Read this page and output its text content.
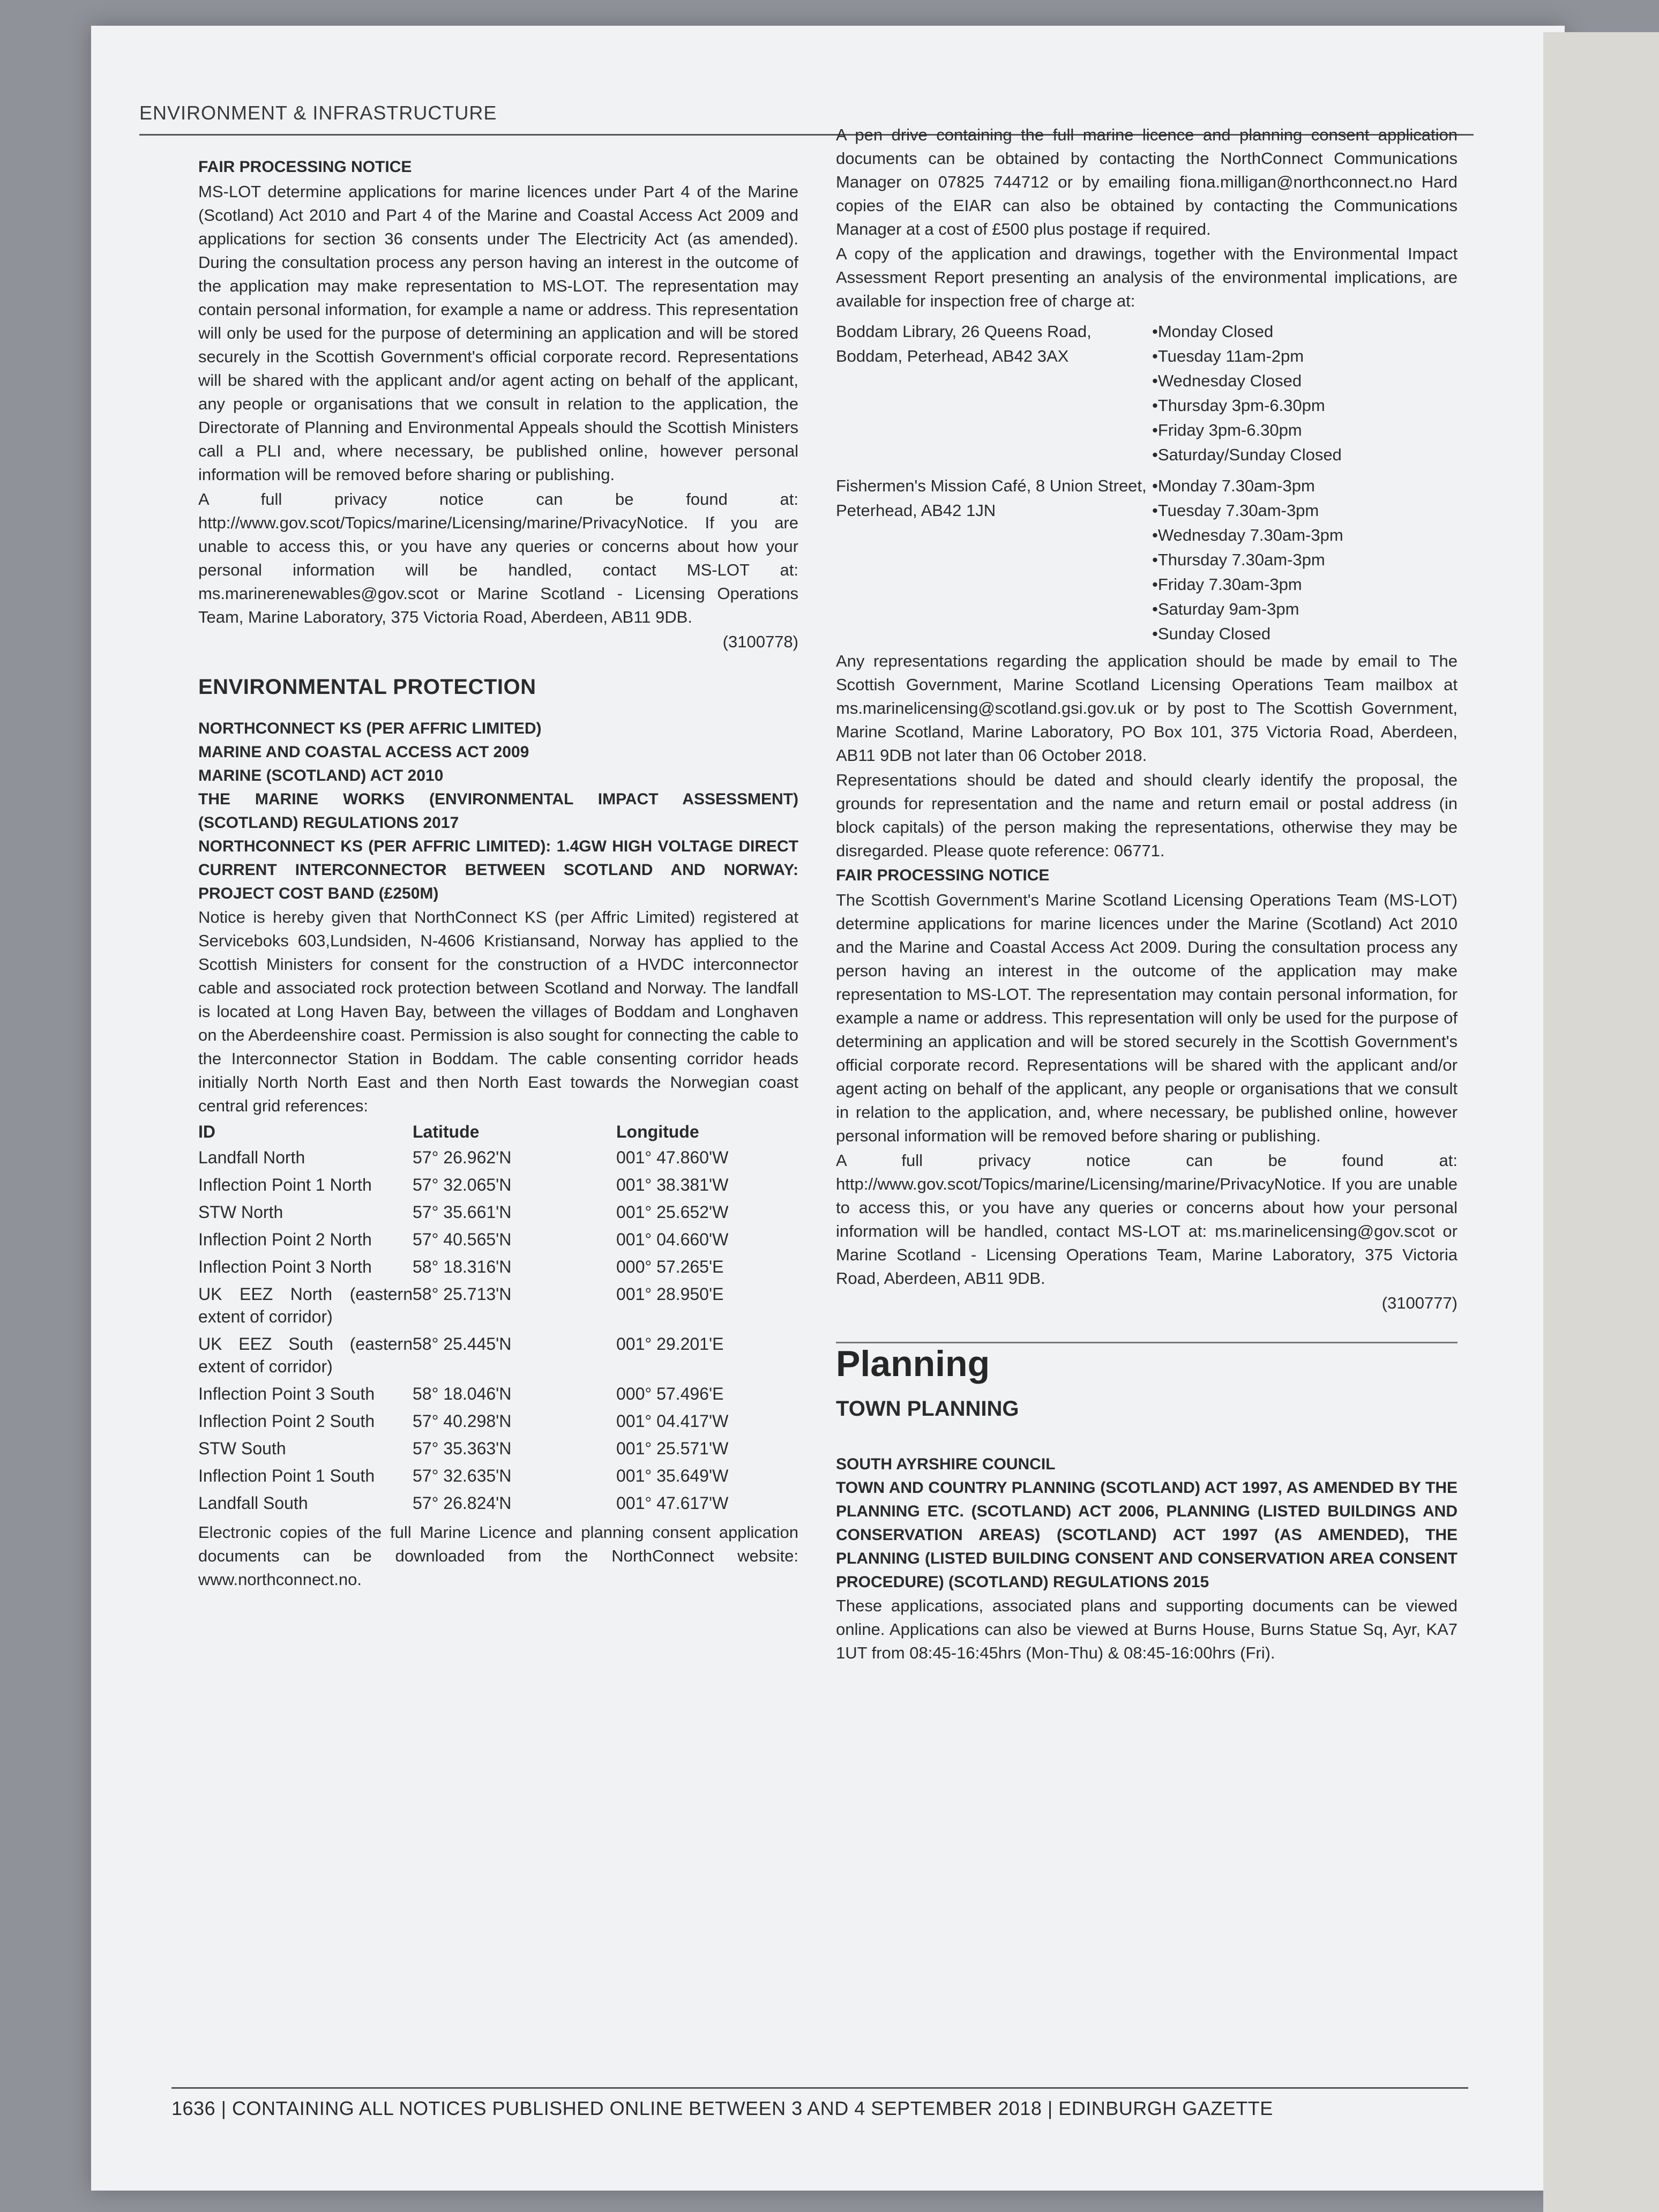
ENVIRONMENT & INFRASTRUCTURE

FAIR PROCESSING NOTICE

MS-LOT determine applications for marine licences under Part 4 of the Marine (Scotland) Act 2010 and Part 4 of the Marine and Coastal Access Act 2009 and applications for section 36 consents under The Electricity Act (as amended). During the consultation process any person having an interest in the outcome of the application may make representation to MS-LOT. The representation may contain personal information, for example a name or address. This representation will only be used for the purpose of determining an application and will be stored securely in the Scottish Government's official corporate record. Representations will be shared with the applicant and/or agent acting on behalf of the applicant, any people or organisations that we consult in relation to the application, the Directorate of Planning and Environmental Appeals should the Scottish Ministers call a PLI and, where necessary, be published online, however personal information will be removed before sharing or publishing.

A full privacy notice can be found at: http://www.gov.scot/Topics/marine/Licensing/marine/PrivacyNotice. If you are unable to access this, or you have any queries or concerns about how your personal information will be handled, contact MS-LOT at: ms.marinerenewables@gov.scot or Marine Scotland - Licensing Operations Team, Marine Laboratory, 375 Victoria Road, Aberdeen, AB11 9DB.

(3100778)

ENVIRONMENTAL PROTECTION

NORTHCONNECT KS (PER AFFRIC LIMITED)

MARINE AND COASTAL ACCESS ACT 2009

MARINE (SCOTLAND) ACT 2010

THE MARINE WORKS (ENVIRONMENTAL IMPACT ASSESSMENT) (SCOTLAND) REGULATIONS 2017

NORTHCONNECT KS (PER AFFRIC LIMITED): 1.4GW HIGH VOLTAGE DIRECT CURRENT INTERCONNECTOR BETWEEN SCOTLAND AND NORWAY: PROJECT COST BAND (£250M)

Notice is hereby given that NorthConnect KS (per Affric Limited) registered at Serviceboks 603,Lundsiden, N-4606 Kristiansand, Norway has applied to the Scottish Ministers for consent for the construction of a HVDC interconnector cable and associated rock protection between Scotland and Norway. The landfall is located at Long Haven Bay, between the villages of Boddam and Longhaven on the Aberdeenshire coast. Permission is also sought for connecting the cable to the Interconnector Station in Boddam. The cable consenting corridor heads initially North North East and then North East towards the Norwegian coast central grid references:

ID	Latitude	Longitude
Landfall North	57° 26.962'N	001° 47.860'W
Inflection Point 1 North	57° 32.065'N	001° 38.381'W
STW North	57° 35.661'N	001° 25.652'W
Inflection Point 2 North	57° 40.565'N	001° 04.660'W
Inflection Point 3 North	58° 18.316'N	000° 57.265'E
UK EEZ North (eastern extent of corridor)	58° 25.713'N	001° 28.950'E
UK EEZ South (eastern extent of corridor)	58° 25.445'N	001° 29.201'E
Inflection Point 3 South	58° 18.046'N	000° 57.496'E
Inflection Point 2 South	57° 40.298'N	001° 04.417'W
STW South	57° 35.363'N	001° 25.571'W
Inflection Point 1 South	57° 32.635'N	001° 35.649'W
Landfall South	57° 26.824'N	001° 47.617'W

Electronic copies of the full Marine Licence and planning consent application documents can be downloaded from the NorthConnect website: www.northconnect.no.

A pen drive containing the full marine licence and planning consent application documents can be obtained by contacting the NorthConnect Communications Manager on 07825 744712 or by emailing fiona.milligan@northconnect.no Hard copies of the EIAR can also be obtained by contacting the Communications Manager at a cost of £500 plus postage if required.

A copy of the application and drawings, together with the Environmental Impact Assessment Report presenting an analysis of the environmental implications, are available for inspection free of charge at:

Boddam Library, 26 Queens Road, Boddam, Peterhead, AB42 3AX
• Monday Closed
• Tuesday 11am-2pm
• Wednesday Closed
• Thursday 3pm-6.30pm
• Friday 3pm-6.30pm
• Saturday/Sunday Closed
Fishermen's Mission Café, 8 Union Street, Peterhead, AB42 1JN
• Monday 7.30am-3pm
• Tuesday 7.30am-3pm
• Wednesday 7.30am-3pm
• Thursday 7.30am-3pm
• Friday 7.30am-3pm
• Saturday 9am-3pm
• Sunday Closed

Any representations regarding the application should be made by email to The Scottish Government, Marine Scotland Licensing Operations Team mailbox at ms.marinelicensing@scotland.gsi.gov.uk or by post to The Scottish Government, Marine Scotland, Marine Laboratory, PO Box 101, 375 Victoria Road, Aberdeen, AB11 9DB not later than 06 October 2018.

Representations should be dated and should clearly identify the proposal, the grounds for representation and the name and return email or postal address (in block capitals) of the person making the representations, otherwise they may be disregarded. Please quote reference: 06771.

FAIR PROCESSING NOTICE

The Scottish Government's Marine Scotland Licensing Operations Team (MS-LOT) determine applications for marine licences under the Marine (Scotland) Act 2010 and the Marine and Coastal Access Act 2009. During the consultation process any person having an interest in the outcome of the application may make representation to MS-LOT. The representation may contain personal information, for example a name or address. This representation will only be used for the purpose of determining an application and will be stored securely in the Scottish Government's official corporate record. Representations will be shared with the applicant and/or agent acting on behalf of the applicant, any people or organisations that we consult in relation to the application, and, where necessary, be published online, however personal information will be removed before sharing or publishing.

A full privacy notice can be found at: http://www.gov.scot/Topics/marine/Licensing/marine/PrivacyNotice. If you are unable to access this, or you have any queries or concerns about how your personal information will be handled, contact MS-LOT at: ms.marinelicensing@gov.scot or Marine Scotland - Licensing Operations Team, Marine Laboratory, 375 Victoria Road, Aberdeen, AB11 9DB.

(3100777)

Planning

TOWN PLANNING

SOUTH AYRSHIRE COUNCIL

TOWN AND COUNTRY PLANNING (SCOTLAND) ACT 1997, AS AMENDED BY THE PLANNING ETC. (SCOTLAND) ACT 2006, PLANNING (LISTED BUILDINGS AND CONSERVATION AREAS) (SCOTLAND) ACT 1997 (AS AMENDED), THE PLANNING (LISTED BUILDING CONSENT AND CONSERVATION AREA CONSENT PROCEDURE) (SCOTLAND) REGULATIONS 2015

These applications, associated plans and supporting documents can be viewed online. Applications can also be viewed at Burns House, Burns Statue Sq, Ayr, KA7 1UT from 08:45-16:45hrs (Mon-Thu) & 08:45-16:00hrs (Fri).

1636 | CONTAINING ALL NOTICES PUBLISHED ONLINE BETWEEN 3 AND 4 SEPTEMBER 2018 | EDINBURGH GAZETTE
